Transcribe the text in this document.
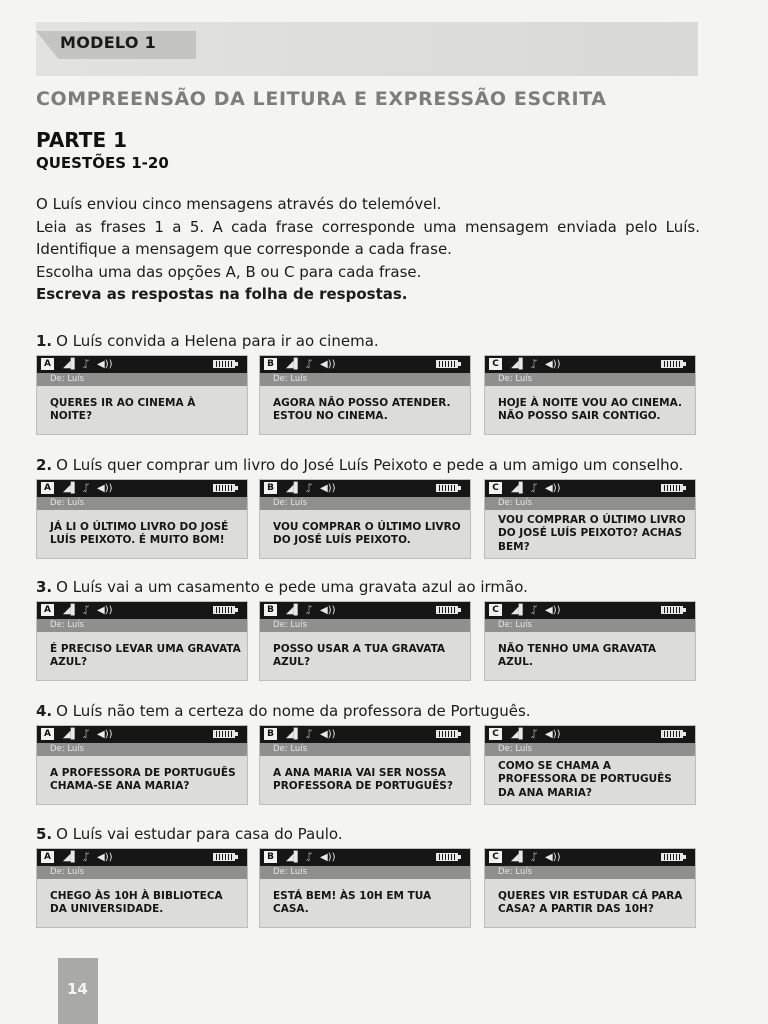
MODELO 1
COMPREENSÃO DA LEITURA E EXPRESSÃO ESCRITA
PARTE 1
QUESTÕES 1-20
O Luís enviou cinco mensagens através do telemóvel.
Leia as frases 1 a 5. A cada frase corresponde uma mensagem enviada pelo Luís.
Identifique a mensagem que corresponde a cada frase.
Escolha uma das opções A, B ou C para cada frase.
Escreva as respostas na folha de respostas.
1. O Luís convida a Helena para ir ao cinema.
A	◢▌ ᛢ ◀))
De: Luís
QUERES IR AO CINEMA À NOITE?
B	◢▌ ᛢ ◀))
De: Luís
AGORA NÃO POSSO ATENDER. ESTOU NO CINEMA.
C	◢▌ ᛢ ◀))
De: Luís
HOJE À NOITE VOU AO CINEMA. NÃO POSSO SAIR CONTIGO.
2. O Luís quer comprar um livro do José Luís Peixoto e pede a um amigo um conselho.
A	◢▌ ᛢ ◀))
De: Luís
JÁ LI O ÚLTIMO LIVRO DO JOSÉ LUÍS PEIXOTO. É MUITO BOM!
B	◢▌ ᛢ ◀))
De: Luís
VOU COMPRAR O ÚLTIMO LIVRO DO JOSÉ LUÍS PEIXOTO.
C	◢▌ ᛢ ◀))
De: Luís
VOU COMPRAR O ÚLTIMO LIVRO DO JOSÉ LUÍS PEIXOTO? ACHAS BEM?
3. O Luís vai a um casamento e pede uma gravata azul ao irmão.
A	◢▌ ᛢ ◀))
De: Luís
É PRECISO LEVAR UMA GRAVATA AZUL?
B	◢▌ ᛢ ◀))
De: Luís
POSSO USAR A TUA GRAVATA AZUL?
C	◢▌ ᛢ ◀))
De: Luís
NÃO TENHO UMA GRAVATA AZUL.
4. O Luís não tem a certeza do nome da professora de Português.
A	◢▌ ᛢ ◀))
De: Luís
A PROFESSORA DE PORTUGUÊS CHAMA-SE ANA MARIA?
B	◢▌ ᛢ ◀))
De: Luís
A ANA MARIA VAI SER NOSSA PROFESSORA DE PORTUGUÊS?
C	◢▌ ᛢ ◀))
De: Luís
COMO SE CHAMA A PROFESSORA DE PORTUGUÊS DA ANA MARIA?
5. O Luís vai estudar para casa do Paulo.
A	◢▌ ᛢ ◀))
De: Luís
CHEGO ÀS 10H À BIBLIOTECA DA UNIVERSIDADE.
B	◢▌ ᛢ ◀))
De: Luís
ESTÁ BEM! ÀS 10H EM TUA CASA.
C	◢▌ ᛢ ◀))
De: Luís
QUERES VIR ESTUDAR CÁ PARA CASA? A PARTIR DAS 10H?
14
